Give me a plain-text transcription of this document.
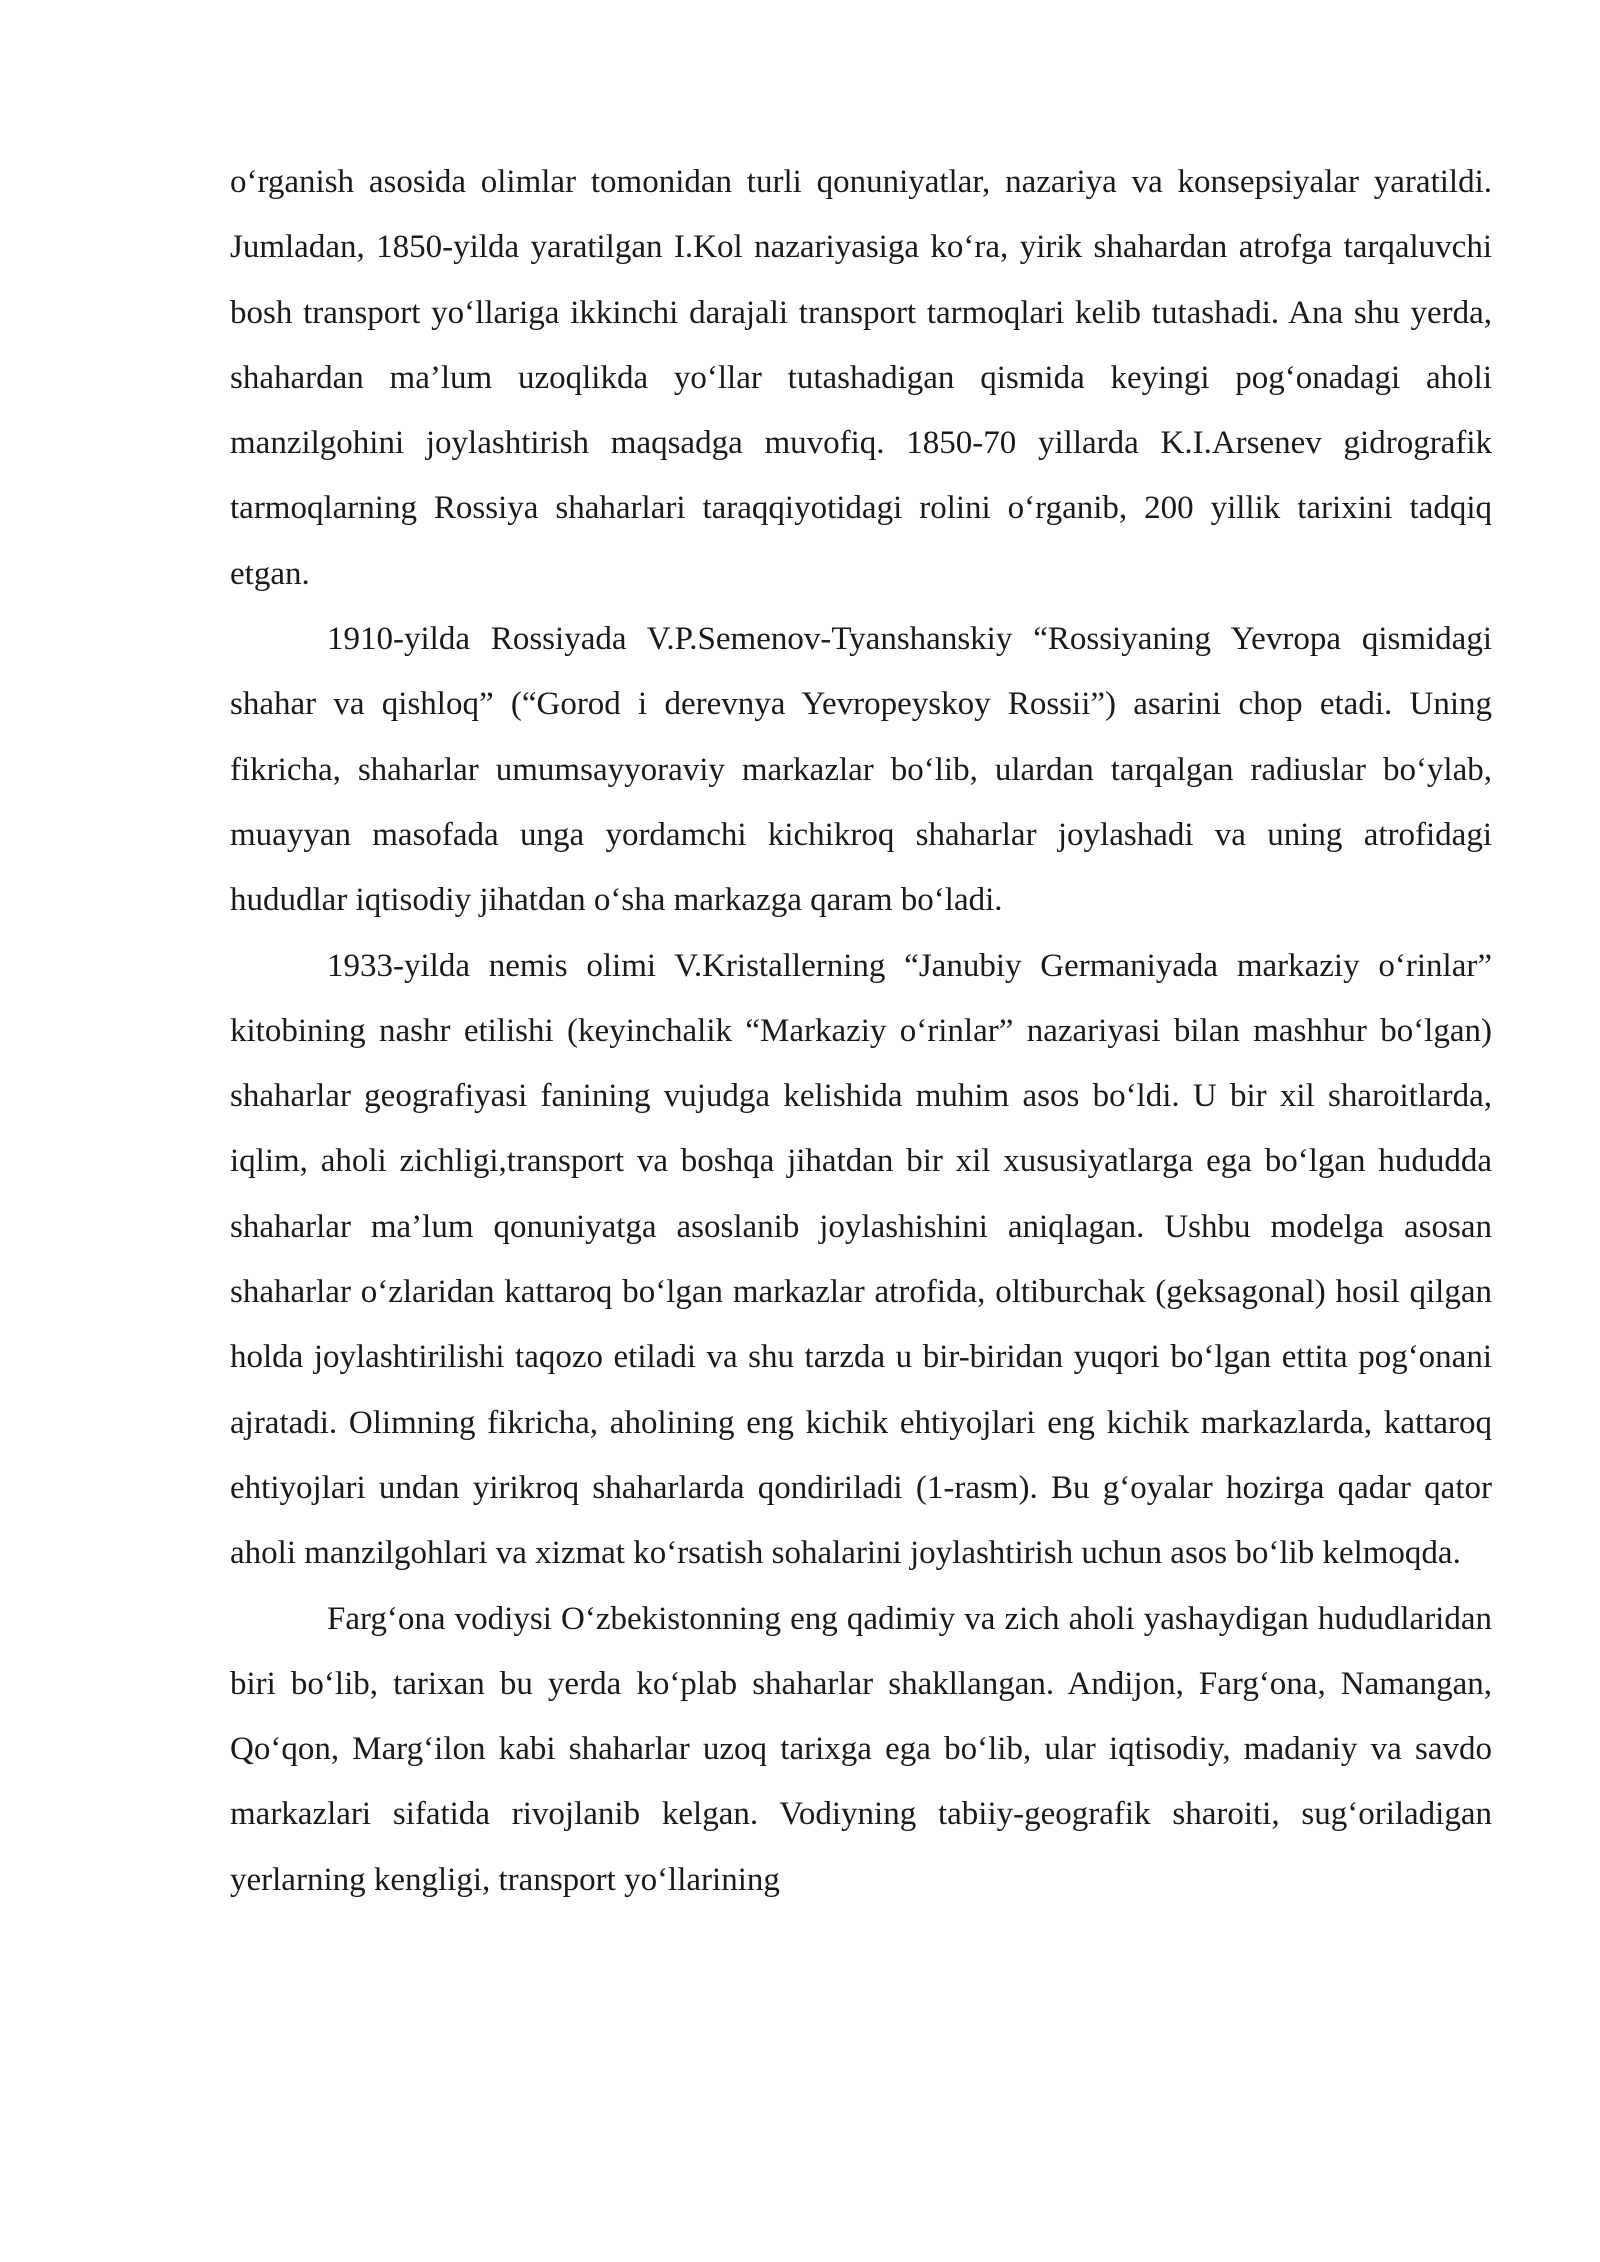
o‘rganish asosida olimlar tomonidan turli qonuniyatlar, nazariya va konsepsiyalar yaratildi. Jumladan, 1850-yilda yaratilgan I.Kol nazariyasiga ko‘ra, yirik shahardan atrofga tarqaluvchi bosh transport yo‘llariga ikkinchi darajali transport tarmoqlari kelib tutashadi. Ana shu yerda, shahardan ma’lum uzoqlikda yo‘llar tutashadigan qismida keyingi pog‘onadagi aholi manzilgohini joylashtirish maqsadga muvofiq. 1850-70 yillarda K.I.Arsenev gidrografik tarmoqlarning Rossiya shaharlari taraqqiyotidagi rolini o‘rganib, 200 yillik tarixini tadqiq etgan.

1910-yilda Rossiyada V.P.Semenov-Tyanshanskiy “Rossiyaning Yevropa qismidagi shahar va qishloq” (“Gorod i derevnya Yevropeyskoy Rossii”) asarini chop etadi. Uning fikricha, shaharlar umumsayyoraviy markazlar bo‘lib, ulardan tarqalgan radiuslar bo‘ylab, muayyan masofada unga yordamchi kichikroq shaharlar joylashadi va uning atrofidagi hududlar iqtisodiy jihatdan o‘sha markazga qaram bo‘ladi.

1933-yilda nemis olimi V.Kristallerning “Janubiy Germaniyada markaziy o‘rinlar” kitobining nashr etilishi (keyinchalik “Markaziy o‘rinlar” nazariyasi bilan mashhur bo‘lgan) shaharlar geografiyasi fanining vujudga kelishida muhim asos bo‘ldi. U bir xil sharoitlarda, iqlim, aholi zichligi,transport va boshqa jihatdan bir xil xususiyatlarga ega bo‘lgan hududda shaharlar ma’lum qonuniyatga asoslanib joylashishini aniqlagan. Ushbu modelga asosan shaharlar o‘zlaridan kattaroq bo‘lgan markazlar atrofida, oltiburchak (geksagonal) hosil qilgan holda joylashtirilishi taqozo etiladi va shu tarzda u bir-biridan yuqori bo‘lgan ettita pog‘onani ajratadi. Olimning fikricha, aholining eng kichik ehtiyojlari eng kichik markazlarda, kattaroq ehtiyojlari undan yirikroq shaharlarda qondiriladi (1-rasm). Bu g‘oyalar hozirga qadar qator aholi manzilgohlari va xizmat ko‘rsatish sohalarini joylashtirish uchun asos bo‘lib kelmoqda.

Farg‘ona vodiysi O‘zbekistonning eng qadimiy va zich aholi yashaydigan hududlaridan biri bo‘lib, tarixan bu yerda ko‘plab shaharlar shakllangan. Andijon, Farg‘ona, Namangan, Qo‘qon, Marg‘ilon kabi shaharlar uzoq tarixga ega bo‘lib, ular iqtisodiy, madaniy va savdo markazlari sifatida rivojlanib kelgan. Vodiyning tabiiy-geografik sharoiti, sug‘oriladigan yerlarning kengligi, transport yo‘llarining
